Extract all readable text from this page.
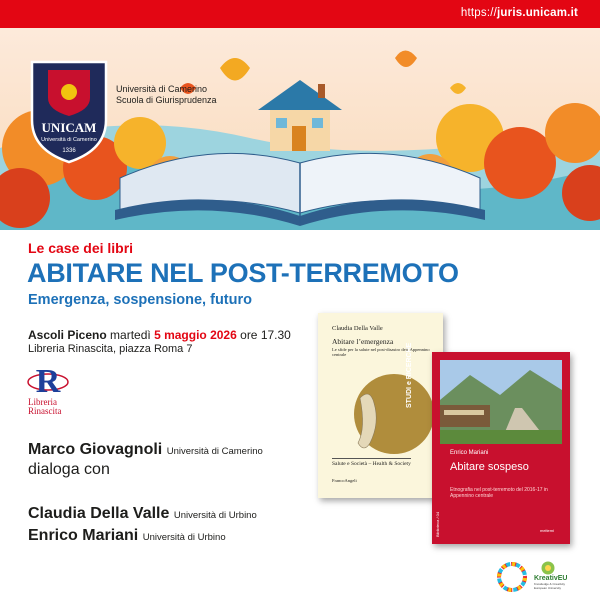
https://juris.unicam.it
UNICAM
Università di Camerino
1336
Università di Camerino
Scuola di Giurisprudenza
Le case dei libri
ABITARE NEL POST-TERREMOTO
Emergenza, sospensione, futuro
Ascoli Piceno martedì 5 maggio 2026 ore 17.30
Libreria Rinascita, piazza Roma 7
R
Libreria
Rinascita
Marco Giovagnoli Università di Camerino
dialoga con
Claudia Della Valle Università di Urbino
Enrico Mariani Università di Urbino
Claudia Della Valle
Abitare l’emergenza
Le sfide per la salute nel post-disastro dell’Appennino centrale	STUDI e RICERCHE
Salute e Società – Health & Society
FrancoAngeli
Enrico Mariani
Abitare sospeso
Etnografia nel post-terremoto del 2016-17 in Appennino centrale
meltemi
Biblioteca / 04
KreativEU
Knowledge & Creativity European University
